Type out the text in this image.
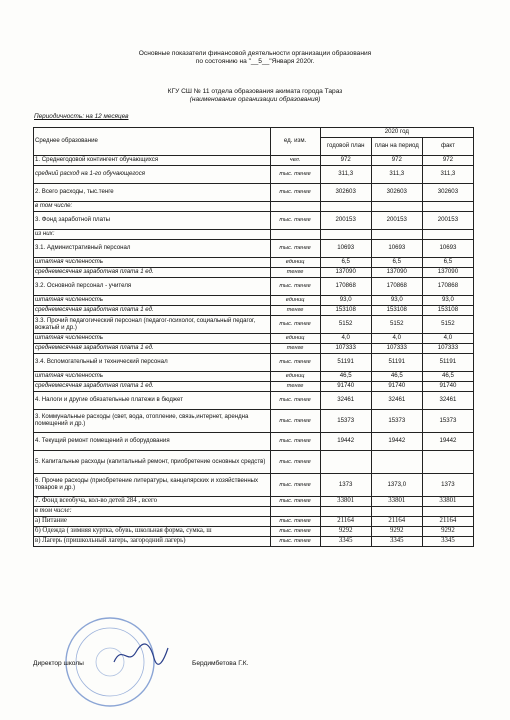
Основные показатели финансовой деятельности организации образования
по состоянию на "__5__"Января 2020г.
КГУ СШ № 11 отдела образования акимата города Тараз
(наименование организации образования)
Периодичность: на 12 месяцев
Среднее образование	ед. изм.	2020 год		
		годовой план	план на период	факт
1. Среднегодовой контингент обучающихся	чел.	972	972	972
средний расход на 1-го обучающегося	тыс. тенге	311,3	311,3	311,3
2. Всего расходы, тыс.тенге	тыс. тенге	302603	302603	302603
в том числе:				
3. Фонд заработной платы	тыс. тенге	200153	200153	200153
из них:				
3.1. Административный персонал	тыс. тенге	10693	10693	10693
штатная численность	единиц	6,5	6,5	6,5
среднемесячная заработная плата 1 ед.	тенге	137090	137090	137090
3.2. Основной персонал - учителя	тыс. тенге	170868	170868	170868
штатная численность	единиц	93,0	93,0	93,0
среднемесячная заработная плата 1 ед.	тенге	153108	153108	153108
3.3. Прочий педагогический персонал (педагог-психолог, социальный педагог, вожатый и др.)	тыс. тенге	5152	5152	5152
штатная численность	единиц	4,0	4,0	4,0
среднемесячная заработная плата 1 ед.	тенге	107333	107333	107333
3.4. Вспомогательный и технический персонал	тыс. тенге	51191	51191	51191
штатная численность	единиц	46,5	46,5	46,5
среднемесячная заработная плата 1 ед.	тенге	91740	91740	91740
4. Налоги и другие обязательные платежи в бюджет	тыс. тенге	32461	32461	32461
3. Коммунальные расходы (свет, вода, отопление, связь,интернет, арендна помещений и др.)	тыс. тенге	15373	15373	15373
4. Текущий ремонт помещений и оборудования	тыс. тенге	19442	19442	19442
5. Капитальные расходы (капитальный ремонт, приобретение основных средств)	тыс. тенге			
6. Прочие расходы (приобретение литературы, канцелярских и хозяйственных товаров и др.)	тыс. тенге	1373	1373,0	1373
7. Фонд всеобуча, кол-во детей 284 , всего	тыс. тенге	33801	33801	33801
в том числе:				
а) Питание	тыс. тенге	21164	21164	21164
б) Одежда ( зимняя куртка, обувь, школьная форма, сумка, ш	тыс. тенге	9292	9292	9292
в) Лагерь (пришкольный лагерь, загородний лагерь)	тыс. тенге	3345	3345	3345
Директор школы	Бердимбетова Г.К.
